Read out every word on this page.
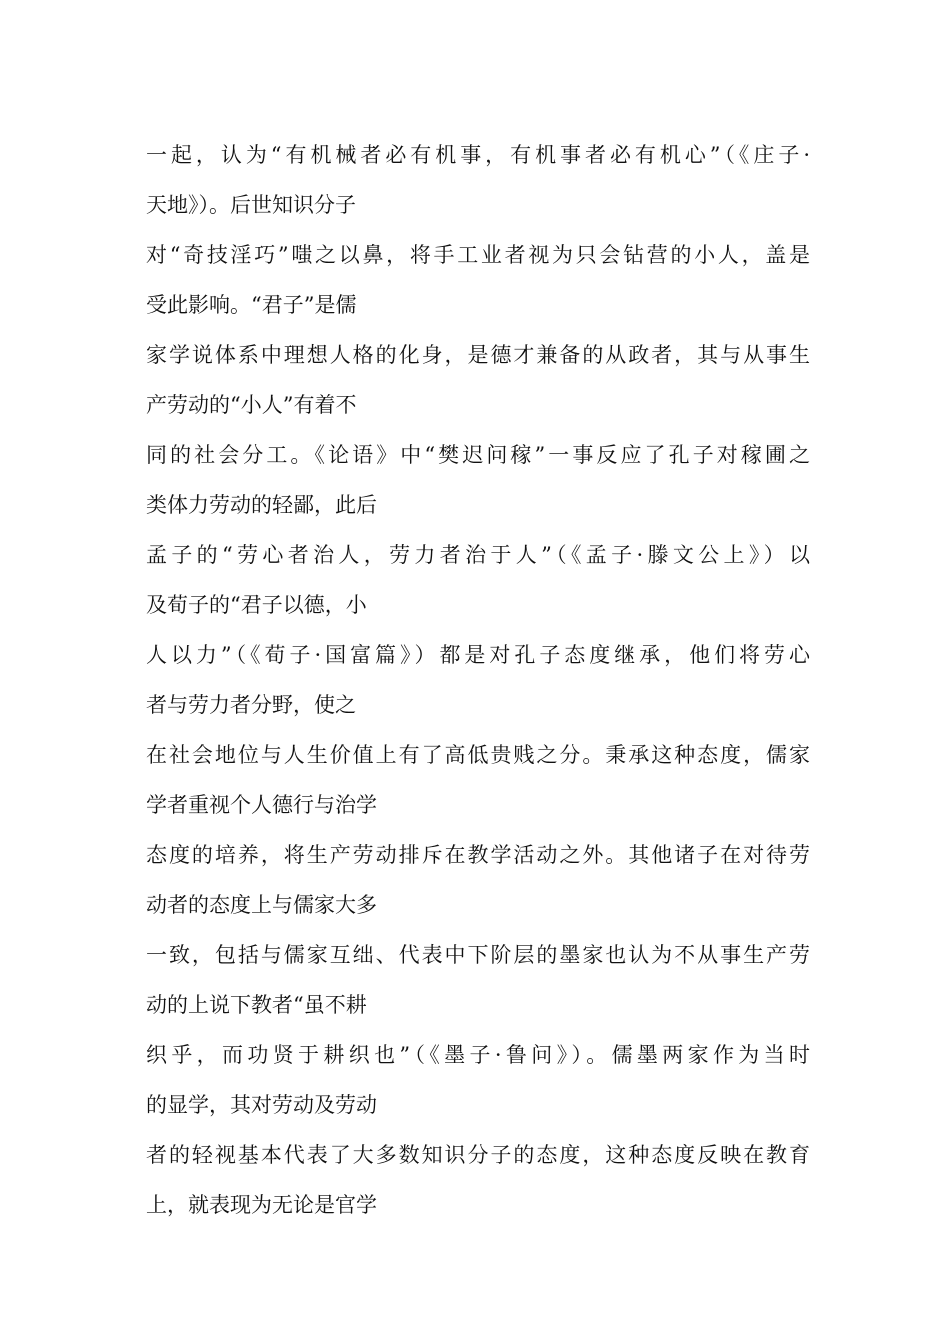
一起，认为“有机械者必有机事，有机事者必有机心”（《庄子·
天地》）。后世知识分子
对“奇技淫巧”嗤之以鼻，将手工业者视为只会钻营的小人，盖是
受此影响。“君子”是儒
家学说体系中理想人格的化身，是德才兼备的从政者，其与从事生
产劳动的“小人”有着不
同的社会分工。《论语》中“樊迟问稼”一事反应了孔子对稼圃之
类体力劳动的轻鄙，此后
孟子的“劳心者治人，劳力者治于人”（《孟子·滕文公上》）以
及荀子的“君子以德，小
人以力”（《荀子·国富篇》）都是对孔子态度继承，他们将劳心
者与劳力者分野，使之
在社会地位与人生价值上有了高低贵贱之分。秉承这种态度，儒家
学者重视个人德行与治学
态度的培养，将生产劳动排斥在教学活动之外。其他诸子在对待劳
动者的态度上与儒家大多
一致，包括与儒家互绌、代表中下阶层的墨家也认为不从事生产劳
动的上说下教者“虽不耕
织乎，而功贤于耕织也”（《墨子·鲁问》）。儒墨两家作为当时
的显学，其对劳动及劳动
者的轻视基本代表了大多数知识分子的态度，这种态度反映在教育
上，就表现为无论是官学
